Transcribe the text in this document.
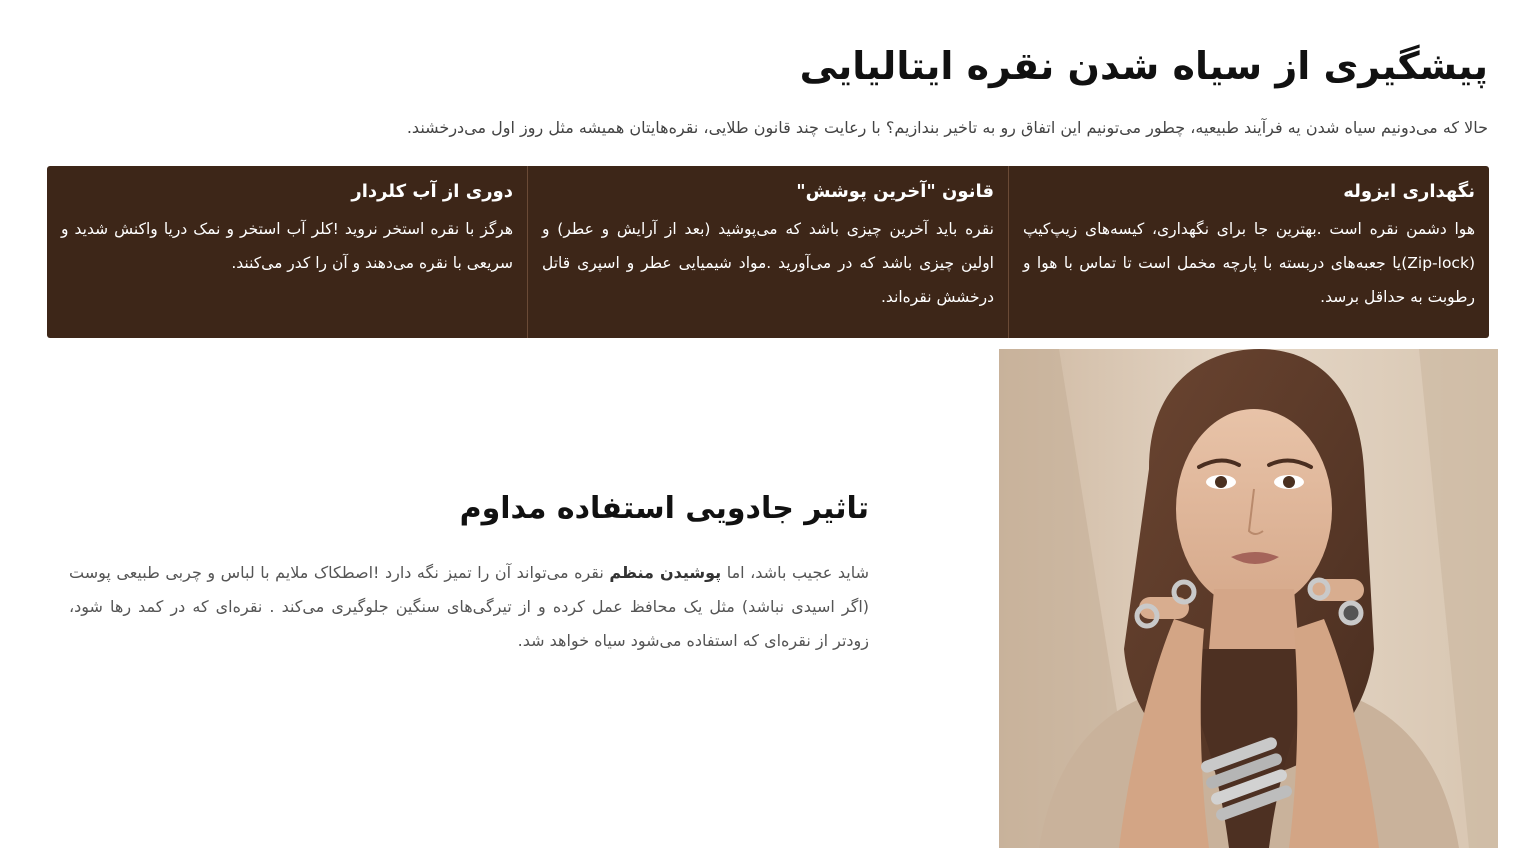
پیشگیری از سیاه شدن نقره ایتالیایی

حالا که می‌دونیم سیاه شدن یه فرآیند طبیعیه، چطور می‌تونیم این اتفاق رو به تاخیر بندازیم؟ با رعایت چند قانون طلایی، نقره‌هایتان همیشه مثل روز اول می‌درخشند.

نگهداری ایزوله

هوا دشمن نقره است .بهترین جا برای نگهداری، کیسه‌های زیپ‌کیپ (Zip-lock)یا جعبه‌های دربسته با پارچه مخمل است تا تماس با هوا و رطوبت به حداقل برسد.

قانون "آخرین پوشش"

نقره باید آخرین چیزی باشد که می‌پوشید (بعد از آرایش و عطر) و اولین چیزی باشد که در می‌آورید .مواد شیمیایی عطر و اسپری قاتل درخشش نقره‌اند.

دوری از آب کلردار

هرگز با نقره استخر نروید !کلر آب استخر و نمک دریا واکنش شدید و سریعی با نقره می‌دهند و آن را کدر می‌کنند.

تاثیر جادویی استفاده مداوم

شاید عجیب باشد، اما پوشیدن منظم نقره می‌تواند آن را تمیز نگه دارد !اصطکاک ملایم با لباس و چربی طبیعی پوست (اگر اسیدی نباشد) مثل یک محافظ عمل کرده و از تیرگی‌های سنگین جلوگیری می‌کند . نقره‌ای که در کمد رها شود، زودتر از نقره‌ای که استفاده می‌شود سیاه خواهد شد.
